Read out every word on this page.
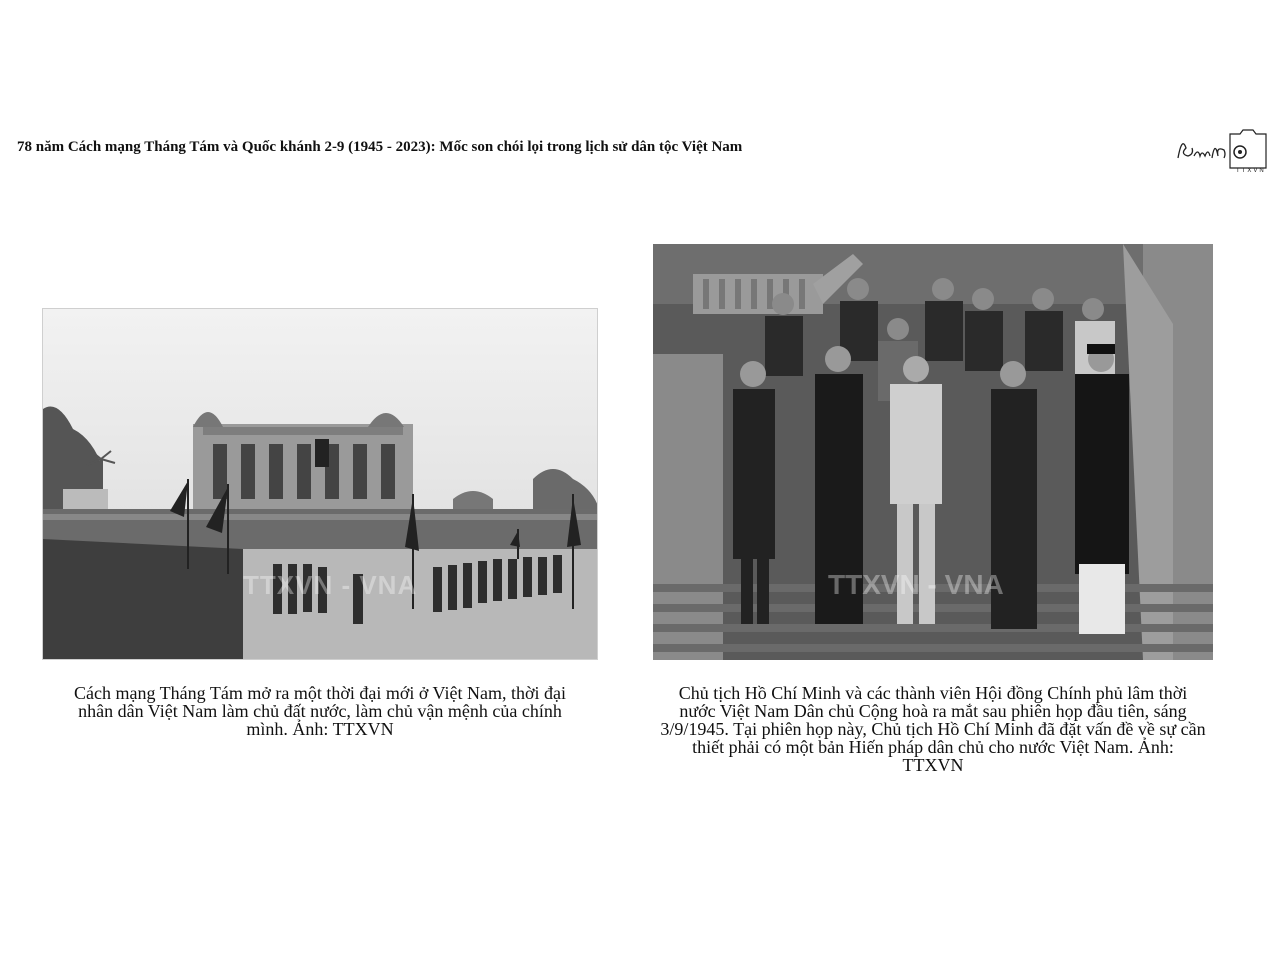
78 năm Cách mạng Tháng Tám và Quốc khánh 2-9 (1945 - 2023): Mốc son chói lọi trong lịch sử dân tộc Việt Nam
TTXVN
TTXVN - VNA	TTXVN - VNA
Cách mạng Tháng Tám mở ra một thời đại mới ở Việt Nam, thời đại nhân dân Việt Nam làm chủ đất nước, làm chủ vận mệnh của chính mình. Ảnh: TTXVN
Chủ tịch Hồ Chí Minh và các thành viên Hội đồng Chính phủ lâm thời nước Việt Nam Dân chủ Cộng hoà ra mắt sau phiên họp đầu tiên, sáng 3/9/1945. Tại phiên họp này, Chủ tịch Hồ Chí Minh đã đặt vấn đề về sự cần thiết phải có một bản Hiến pháp dân chủ cho nước Việt Nam. Ảnh: TTXVN
